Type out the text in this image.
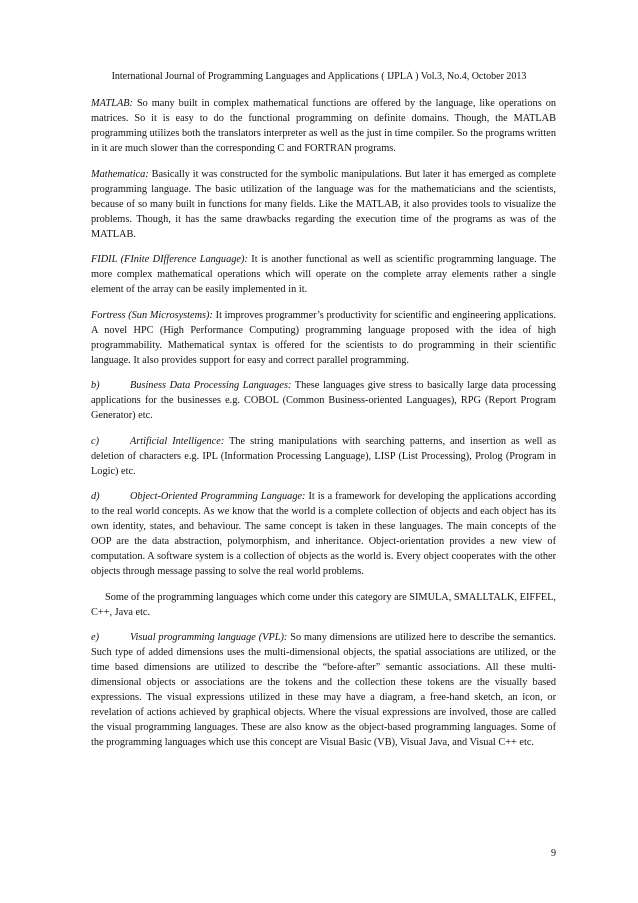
International Journal of Programming Languages and Applications ( IJPLA ) Vol.3, No.4, October 2013

MATLAB: So many built in complex mathematical functions are offered by the language, like operations on matrices. So it is easy to do the functional programming on definite domains. Though, the MATLAB programming utilizes both the translators interpreter as well as the just in time compiler. So the programs written in it are much slower than the corresponding C and FORTRAN programs.

Mathematica: Basically it was constructed for the symbolic manipulations. But later it has emerged as complete programming language. The basic utilization of the language was for the mathematicians and the scientists, because of so many built in functions for many fields. Like the MATLAB, it also provides tools to visualize the problems. Though, it has the same drawbacks regarding the execution time of the programs as was of the MATLAB.

FIDIL (FInite DIfference Language): It is another functional as well as scientific programming language. The more complex mathematical operations which will operate on the complete array elements rather a single element of the array can be easily implemented in it.

Fortress (Sun Microsystems): It improves programmer’s productivity for scientific and engineering applications. A novel HPC (High Performance Computing) programming language proposed with the idea of high programmability. Mathematical syntax is offered for the scientists to do programming in their scientific language. It also provides support for easy and correct parallel programming.

b)	Business Data Processing Languages: These languages give stress to basically large data processing applications for the businesses e.g. COBOL (Common Business-oriented Languages), RPG (Report Program Generator) etc.

c)	Artificial Intelligence: The string manipulations with searching patterns, and insertion as well as deletion of characters e.g. IPL (Information Processing Language), LISP (List Processing), Prolog (Program in Logic) etc.

d)	Object-Oriented Programming Language: It is a framework for developing the applications according to the real world concepts. As we know that the world is a complete collection of objects and each object has its own identity, states, and behaviour. The same concept is taken in these languages. The main concepts of the OOP are the data abstraction, polymorphism, and inheritance. Object-orientation provides a new view of computation. A software system is a collection of objects as the world is. Every object cooperates with the other objects through message passing to solve the real world problems.

Some of the programming languages which come under this category are SIMULA, SMALLTALK, EIFFEL, C++, Java etc.

e)	Visual programming language (VPL): So many dimensions are utilized here to describe the semantics. Such type of added dimensions uses the multi-dimensional objects, the spatial associations are utilized, or the time based dimensions are utilized to describe the “before-after” semantic associations. All these multi-dimensional objects or associations are the tokens and the collection these tokens are the visually based expressions. The visual expressions utilized in these may have a diagram, a free-hand sketch, an icon, or revelation of actions achieved by graphical objects. Where the visual expressions are involved, those are called the visual programming languages. These are also know as the object-based programming languages. Some of the programming languages which use this concept are Visual Basic (VB), Visual Java, and Visual C++ etc.

9
